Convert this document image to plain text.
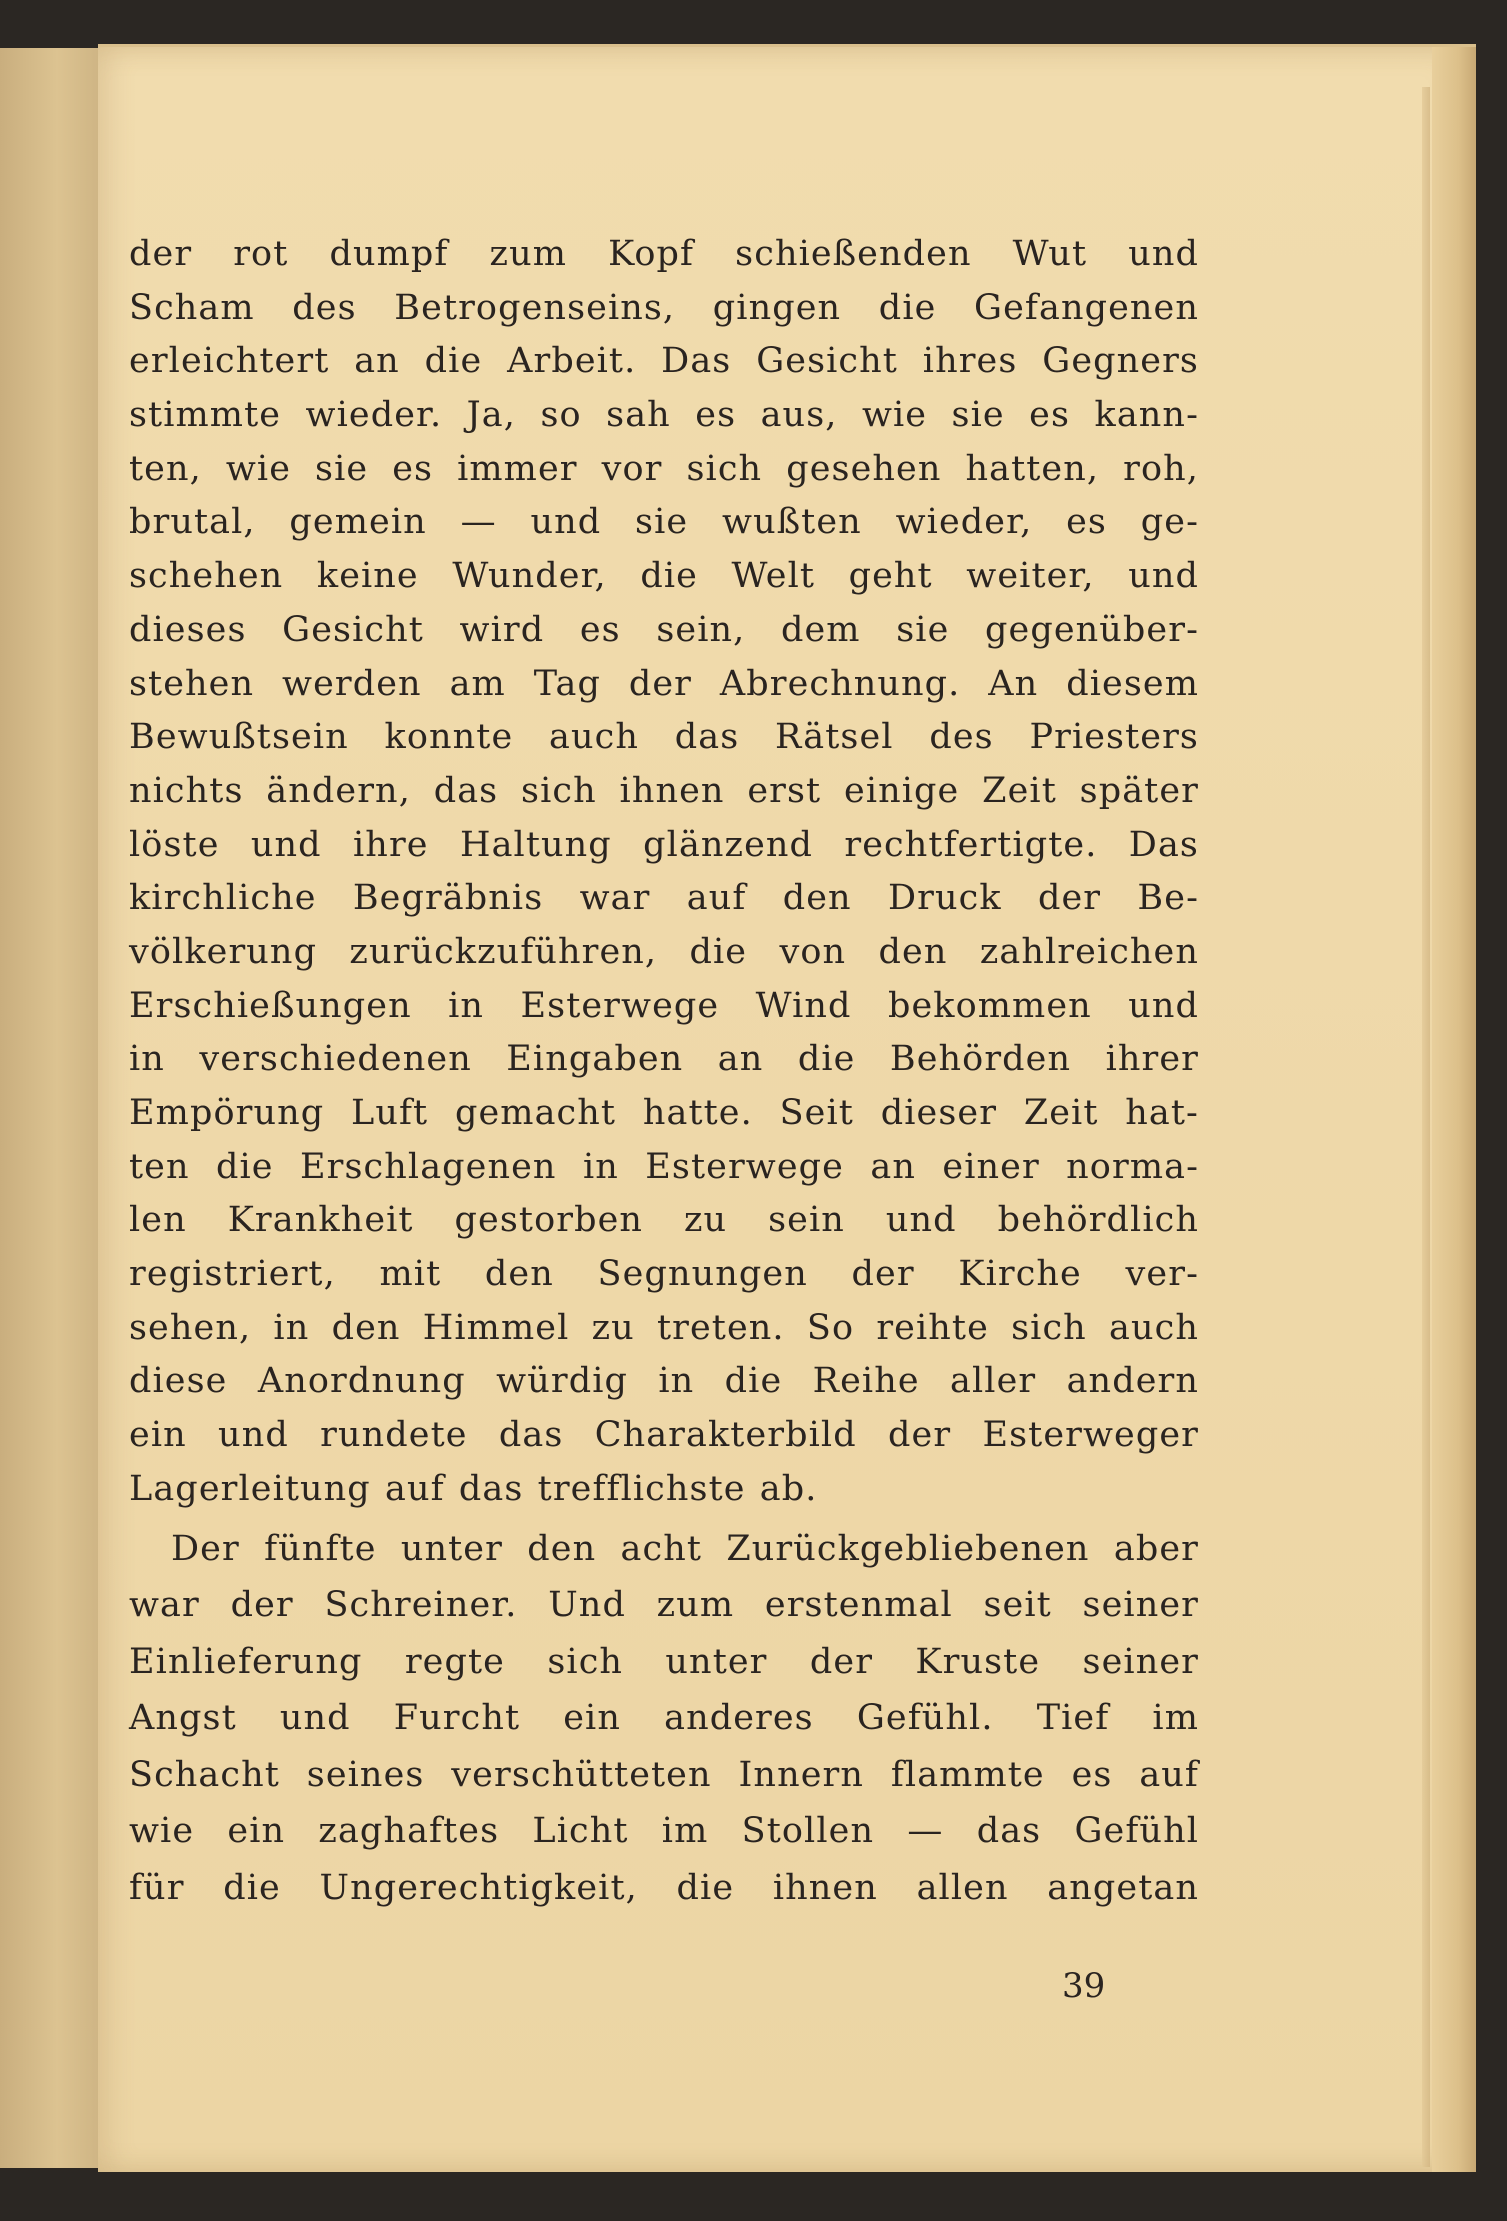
der rot dumpf zum Kopf schießenden Wut und
Scham des Betrogenseins, gingen die Gefangenen
erleichtert an die Arbeit. Das Gesicht ihres Gegners
stimmte wieder. Ja, so sah es aus, wie sie es kann-
ten, wie sie es immer vor sich gesehen hatten, roh,
brutal, gemein — und sie wußten wieder, es ge-
schehen keine Wunder, die Welt geht weiter, und
dieses Gesicht wird es sein, dem sie gegenüber-
stehen werden am Tag der Abrechnung. An diesem
Bewußtsein konnte auch das Rätsel des Priesters
nichts ändern, das sich ihnen erst einige Zeit später
löste und ihre Haltung glänzend rechtfertigte. Das
kirchliche Begräbnis war auf den Druck der Be-
völkerung zurückzuführen, die von den zahlreichen
Erschießungen in Esterwege Wind bekommen und
in verschiedenen Eingaben an die Behörden ihrer
Empörung Luft gemacht hatte. Seit dieser Zeit hat-
ten die Erschlagenen in Esterwege an einer norma-
len Krankheit gestorben zu sein und behördlich
registriert, mit den Segnungen der Kirche ver-
sehen, in den Himmel zu treten. So reihte sich auch
diese Anordnung würdig in die Reihe aller andern
ein und rundete das Charakterbild der Esterweger
Lagerleitung auf das trefflichste ab.
Der fünfte unter den acht Zurückgebliebenen aber
war der Schreiner. Und zum erstenmal seit seiner
Einlieferung regte sich unter der Kruste seiner
Angst und Furcht ein anderes Gefühl. Tief im
Schacht seines verschütteten Innern flammte es auf
wie ein zaghaftes Licht im Stollen — das Gefühl
für die Ungerechtigkeit, die ihnen allen angetan
39
